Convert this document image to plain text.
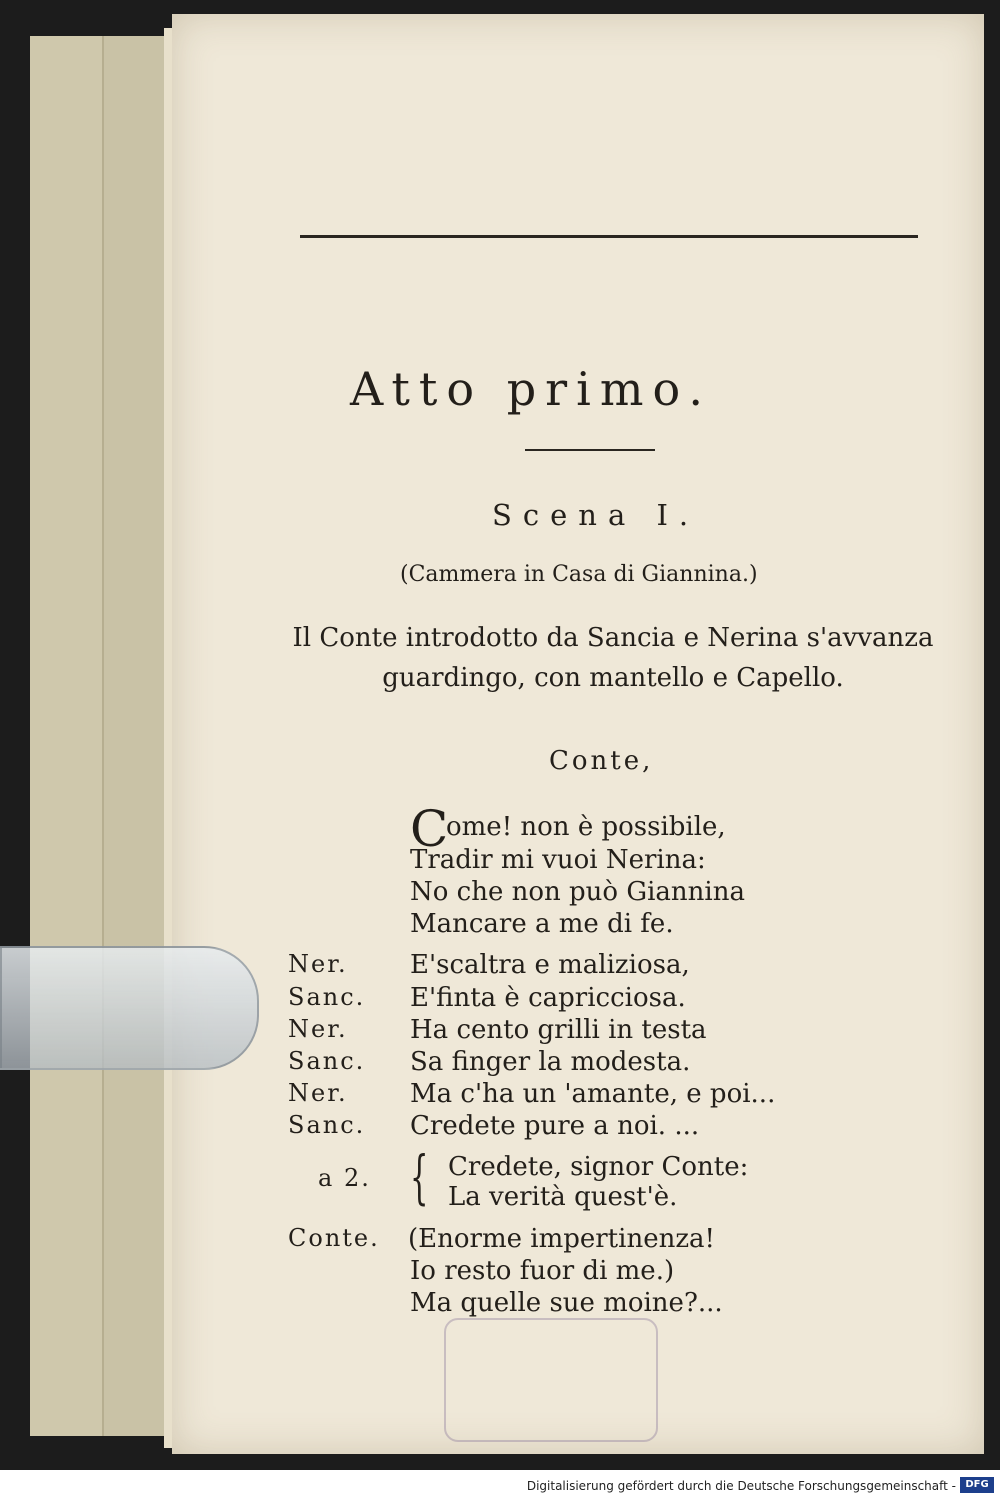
Atto primo.
Scena I.
(Cammera in Casa di Giannina.)
Il Conte introdotto da Sancia e Nerina s'avvanza guardingo, con mantello e Capello.
Conte,
C
ome! non è possibile,
Tradir mi vuoi Nerina:
No che non può Giannina
Mancare a me di fe.
Ner. E'scaltra e maliziosa,
Sanc. E'finta è capricciosa.
Ner. Ha cento grilli in testa
Sanc. Sa finger la modesta.
Ner. Ma c'ha un 'amante, e poi...
Sanc. Credete pure a noi. ...
a 2. { Credete, signor Conte:
La verità quest'è.
Conte. (Enorme impertinenza!
Io resto fuor di me.)
Ma quelle sue moine?...
Digitalisierung gefördert durch die Deutsche Forschungsgemeinschaft - DFG
